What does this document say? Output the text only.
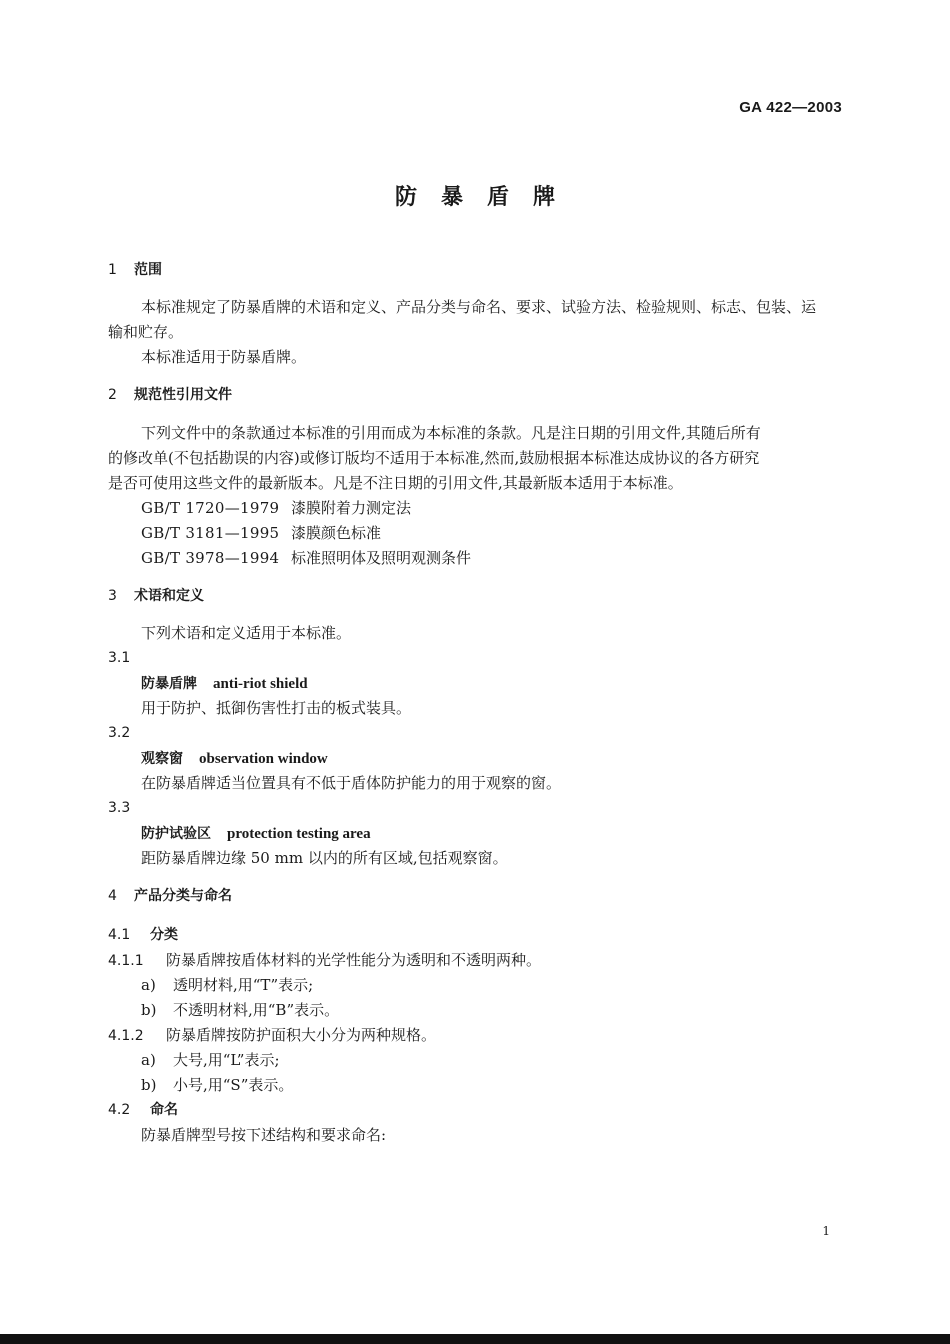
GA 422—2003
防暴盾牌
1 范围
本标准规定了防暴盾牌的术语和定义、产品分类与命名、要求、试验方法、检验规则、标志、包装、运
输和贮存。
本标准适用于防暴盾牌。
2 规范性引用文件
下列文件中的条款通过本标准的引用而成为本标准的条款。凡是注日期的引用文件,其随后所有
的修改单(不包括勘误的内容)或修订版均不适用于本标准,然而,鼓励根据本标准达成协议的各方研究
是否可使用这些文件的最新版本。凡是不注日期的引用文件,其最新版本适用于本标准。
GB/T 1720—1979 漆膜附着力测定法
GB/T 3181—1995 漆膜颜色标准
GB/T 3978—1994 标准照明体及照明观测条件
3 术语和定义
下列术语和定义适用于本标准。
3.1
防暴盾牌 anti-riot shield
用于防护、抵御伤害性打击的板式装具。
3.2
观察窗 observation window
在防暴盾牌适当位置具有不低于盾体防护能力的用于观察的窗。
3.3
防护试验区 protection testing area
距防暴盾牌边缘 50 mm 以内的所有区域,包括观察窗。
4 产品分类与命名
4.1 分类
4.1.1 防暴盾牌按盾体材料的光学性能分为透明和不透明两种。
a) 透明材料,用“T”表示;
b) 不透明材料,用“B”表示。
4.1.2 防暴盾牌按防护面积大小分为两种规格。
a) 大号,用“L”表示;
b) 小号,用“S”表示。
4.2 命名
防暴盾牌型号按下述结构和要求命名:
1
